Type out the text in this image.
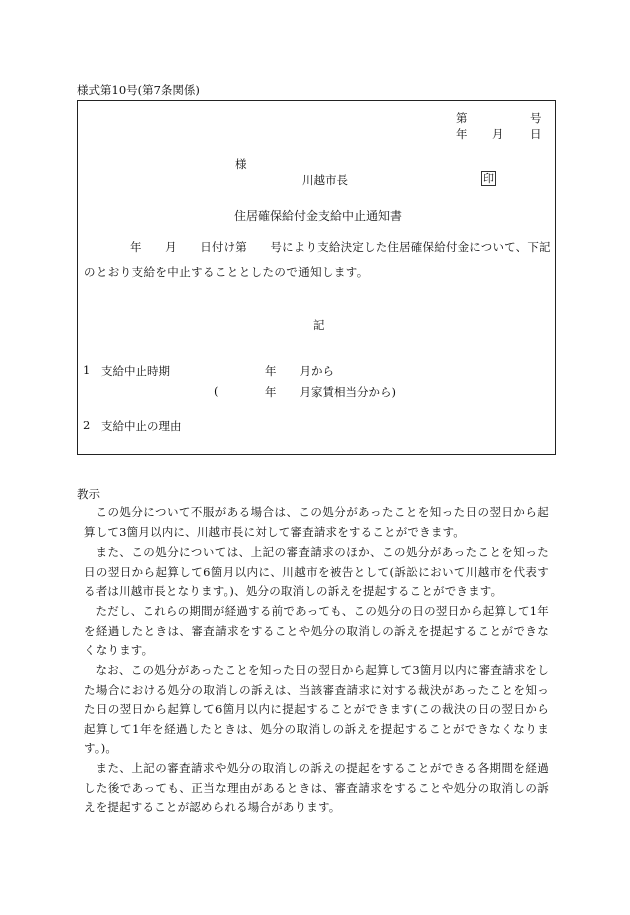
様式第10号(第7条関係)
第	号
年 月 日
様
川越市長	印
住居確保給付金支給中止通知書
年　　月　　日付け第　　号により支給決定した住居確保給付金について、下記
のとおり支給を中止することとしたので通知します。
記
1 支給中止時期	年　　月から
(	年　　月家賃相当分から)
2 支給中止の理由
教示

この処分について不服がある場合は、この処分があったことを知った日の翌日から起算して3箇月以内に、川越市長に対して審査請求をすることができます。

また、この処分については、上記の審査請求のほか、この処分があったことを知った日の翌日から起算して6箇月以内に、川越市を被告として(訴訟において川越市を代表する者は川越市長となります。)、処分の取消しの訴えを提起することができます。

ただし、これらの期間が経過する前であっても、この処分の日の翌日から起算して1年を経過したときは、審査請求をすることや処分の取消しの訴えを提起することができなくなります。

なお、この処分があったことを知った日の翌日から起算して3箇月以内に審査請求をした場合における処分の取消しの訴えは、当該審査請求に対する裁決があったことを知った日の翌日から起算して6箇月以内に提起することができます(この裁決の日の翌日から起算して1年を経過したときは、処分の取消しの訴えを提起することができなくなります。)。

また、上記の審査請求や処分の取消しの訴えの提起をすることができる各期間を経過した後であっても、正当な理由があるときは、審査請求をすることや処分の取消しの訴えを提起することが認められる場合があります。
